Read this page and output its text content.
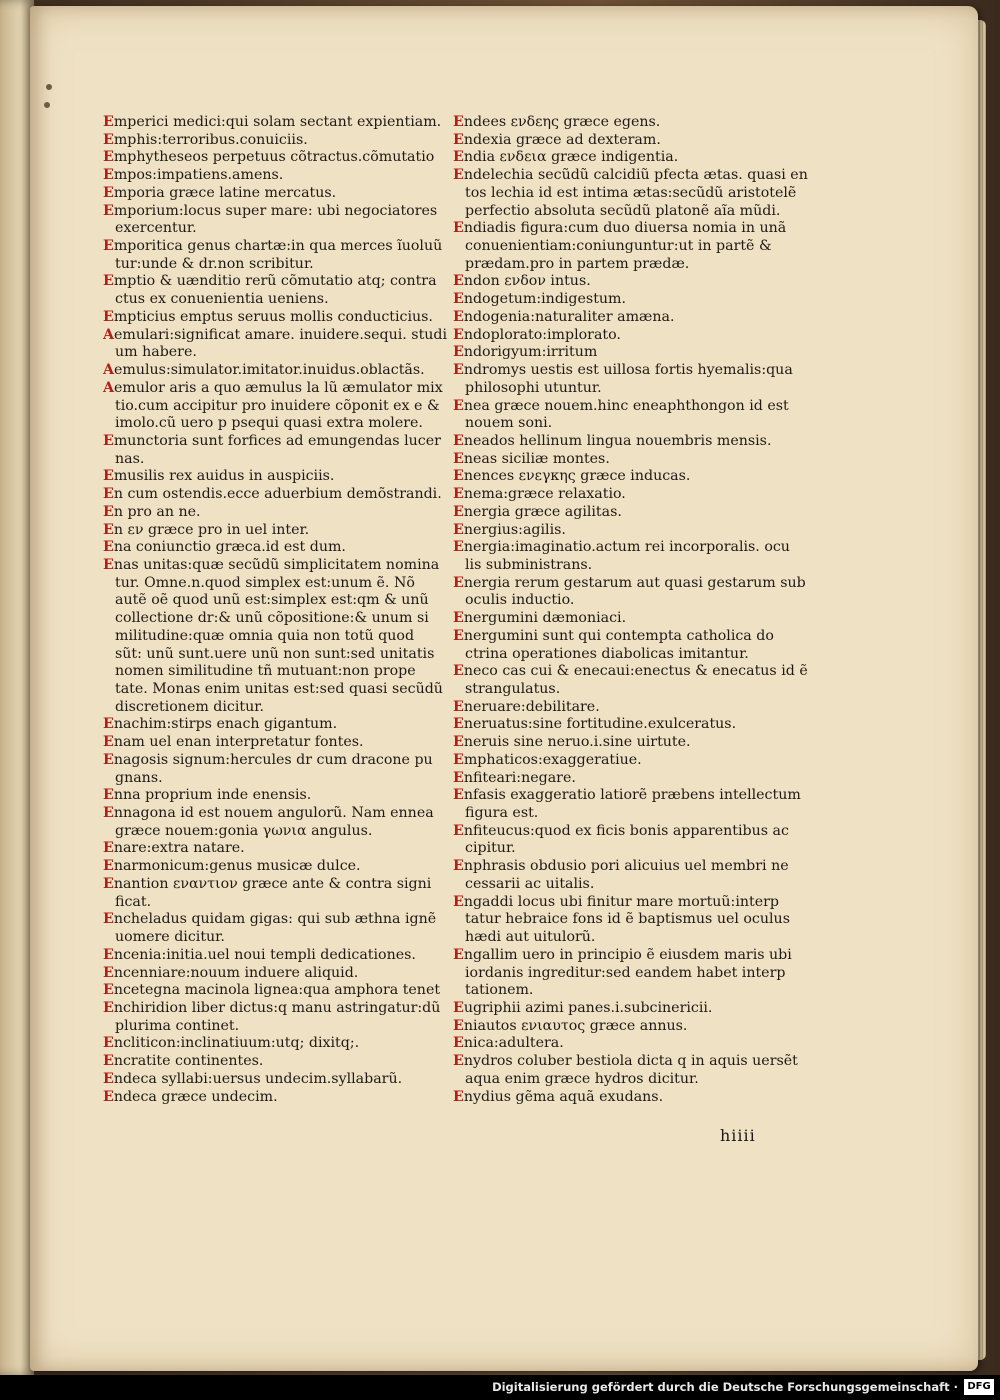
Emperici medici:qui solam sectant expientiam.
Emphis:terroribus.conuiciis.
Emphytheseos perpetuus cõtractus.cõmutatio
Empos:impatiens.amens.
Emporia græce latine mercatus.
Emporium:locus super mare: ubi negociatores
exercentur.
Emporitica genus chartæ:in qua merces ĩuoluũ
tur:unde & dr.non scribitur.
Emptio & uænditio rerũ cõmutatio atq; contra
ctus ex conuenientia ueniens.
Empticius emptus seruus mollis conducticius.
Aemulari:significat amare. inuidere.sequi. studi
um habere.
Aemulus:simulator.imitator.inuidus.oblactãs.
Aemulor aris a quo æmulus la lũ æmulator mix
tio.cum accipitur pro inuidere cõponit ex e &
imolo.cũ uero p psequi quasi extra molere.
Emunctoria sunt forfices ad emungendas lucer
nas.
Emusilis rex auidus in auspiciis.
En cum ostendis.ecce aduerbium demõstrandi.
En pro an ne.
En εν græce pro in uel inter.
Ena coniunctio græca.id est dum.
Enas unitas:quæ secũdũ simplicitatem nomina
tur. Omne.n.quod simplex est:unum ẽ. Nõ
autẽ oẽ quod unũ est:simplex est:qm & unũ
collectione dr:& unũ cõpositione:& unum si
militudine:quæ omnia quia non totũ quod
sũt: unũ sunt.uere unũ non sunt:sed unitatis
nomen similitudine tñ mutuant:non prope
tate. Monas enim unitas est:sed quasi secũdũ
discretionem dicitur.
Enachim:stirps enach gigantum.
Enam uel enan interpretatur fontes.
Enagosis signum:hercules dr cum dracone pu
gnans.
Enna proprium inde enensis.
Ennagona id est nouem angulorũ. Nam ennea
græce nouem:gonia γωνια angulus.
Enare:extra natare.
Enarmonicum:genus musicæ dulce.
Enantion εναντιον græce ante & contra signi
ficat.
Encheladus quidam gigas: qui sub æthna ignẽ
uomere dicitur.
Encenia:initia.uel noui templi dedicationes.
Encenniare:nouum induere aliquid.
Encetegna macinola lignea:qua amphora tenet
Enchiridion liber dictus:q manu astringatur:dũ
plurima continet.
Encliticon:inclinatiuum:utq; dixitq;.
Encratite continentes.
Endeca syllabi:uersus undecim.syllabarũ.
Endeca græce undecim.
Endees ενδεης græce egens.
Endexia græce ad dexteram.
Endia ενδεια græce indigentia.
Endelechia secũdũ calcidiũ pfecta ætas. quasi en
tos lechia id est intima ætas:secũdũ aristotelẽ
perfectio absoluta secũdũ platonẽ aĩa mũdi.
Endiadis figura:cum duo diuersa nomia in unã
conuenientiam:coniunguntur:ut in partẽ &
prædam.pro in partem prædæ.
Endon ενδον intus.
Endogetum:indigestum.
Endogenia:naturaliter amæna.
Endoplorato:implorato.
Endorigyum:irritum
Endromys uestis est uillosa fortis hyemalis:qua
philosophi utuntur.
Enea græce nouem.hinc eneaphthongon id est
nouem soni.
Eneados hellinum lingua nouembris mensis.
Eneas siciliæ montes.
Enences ενεγκης græce inducas.
Enema:græce relaxatio.
Energia græce agilitas.
Energius:agilis.
Energia:imaginatio.actum rei incorporalis. ocu
lis subministrans.
Energia rerum gestarum aut quasi gestarum sub
oculis inductio.
Energumini dæmoniaci.
Energumini sunt qui contempta catholica do
ctrina operationes diabolicas imitantur.
Eneco cas cui & enecaui:enectus & enecatus id ẽ
strangulatus.
Eneruare:debilitare.
Eneruatus:sine fortitudine.exulceratus.
Eneruis sine neruo.i.sine uirtute.
Emphaticos:exaggeratiue.
Enfiteari:negare.
Enfasis exaggeratio latiorẽ præbens intellectum
figura est.
Enfiteucus:quod ex ficis bonis apparentibus ac
cipitur.
Enphrasis obdusio pori alicuius uel membri ne
cessarii ac uitalis.
Engaddi locus ubi finitur mare mortuũ:interp
tatur hebraice fons id ẽ baptismus uel oculus
hædi aut uitulorũ.
Engallim uero in principio ẽ eiusdem maris ubi
iordanis ingreditur:sed eandem habet interp
tationem.
Eugriphii azimi panes.i.subcinericii.
Eniautos ενιαυτος græce annus.
Enica:adultera.
Enydros coluber bestiola dicta q in aquis uersẽt
aqua enim græce hydros dicitur.
Enydius gẽma aquã exudans.
hiiii
Digitalisierung gefördert durch die Deutsche Forschungsgemeinschaft · DFG
